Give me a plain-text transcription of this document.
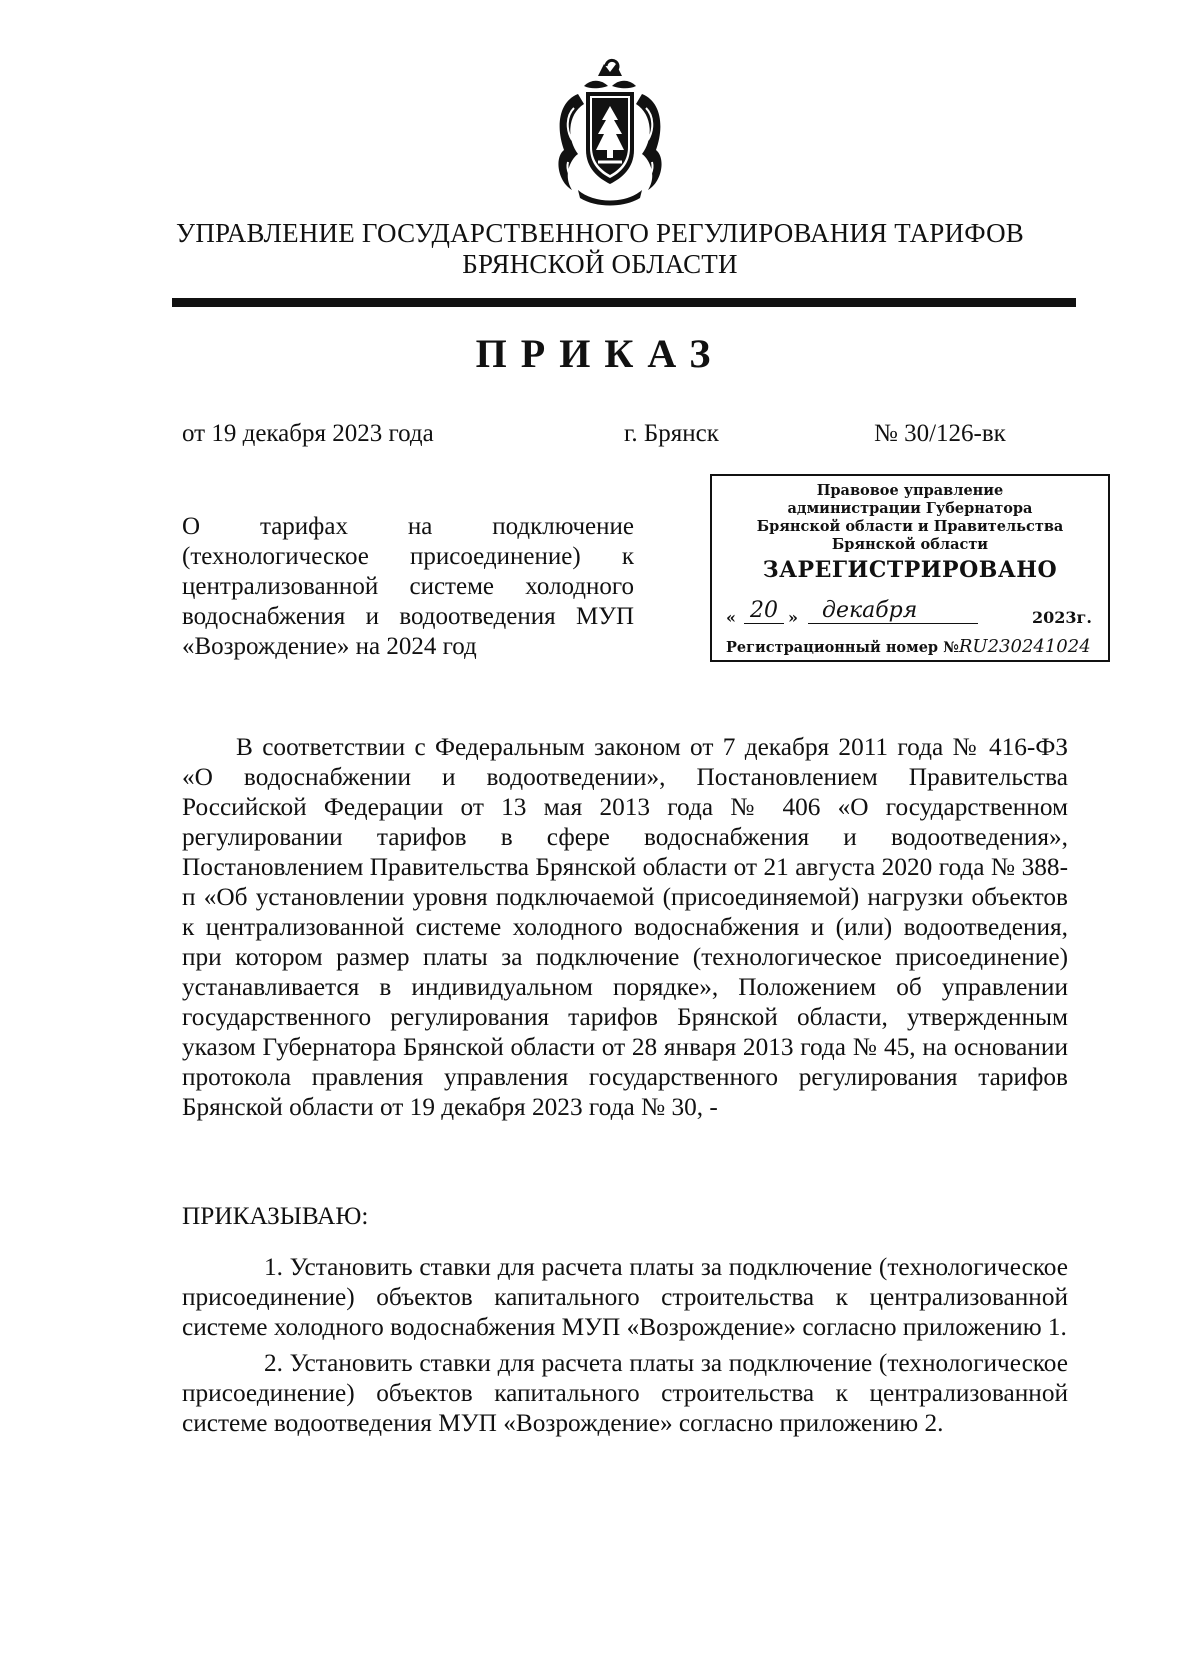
УПРАВЛЕНИЕ ГОСУДАРСТВЕННОГО РЕГУЛИРОВАНИЯ ТАРИФОВ
БРЯНСКОЙ ОБЛАСТИ
ПРИКАЗ
от 19 декабря 2023 года	г. Брянск	№ 30/126-вк
Правовое управление
администрации Губернатора
Брянской области и Правительства
Брянской области
ЗАРЕГИСТРИРОВАНО
« 20 »	декабря	2023г.
Регистрационный номер №RU230241024
О тарифах на подключение (технологическое присоединение) к централизованной системе холодного водоснабжения и водоотведения МУП «Возрождение» на 2024 год

В соответствии с Федеральным законом от 7 декабря 2011 года № 416-ФЗ «О водоснабжении и водоотведении», Постановлением Правительства Российской Федерации от 13 мая 2013 года № 406 «О государственном регулировании тарифов в сфере водоснабжения и водоотведения», Постановлением Правительства Брянской области от 21 августа 2020 года № 388-п «Об установлении уровня подключаемой (присоединяемой) нагрузки объектов к централизованной системе холодного водоснабжения и (или) водоотведения, при котором размер платы за подключение (технологическое присоединение) устанавливается в индивидуальном порядке», Положением об управлении государственного регулирования тарифов Брянской области, утвержденным указом Губернатора Брянской области от 28 января 2013 года № 45, на основании протокола правления управления государственного регулирования тарифов Брянской области от 19 декабря 2023 года № 30, -

ПРИКАЗЫВАЮ:

1. Установить ставки для расчета платы за подключение (технологическое присоединение) объектов капитального строительства к централизованной системе холодного водоснабжения МУП «Возрождение» согласно приложению 1.

2. Установить ставки для расчета платы за подключение (технологическое присоединение) объектов капитального строительства к централизованной системе водоотведения МУП «Возрождение» согласно приложению 2.
